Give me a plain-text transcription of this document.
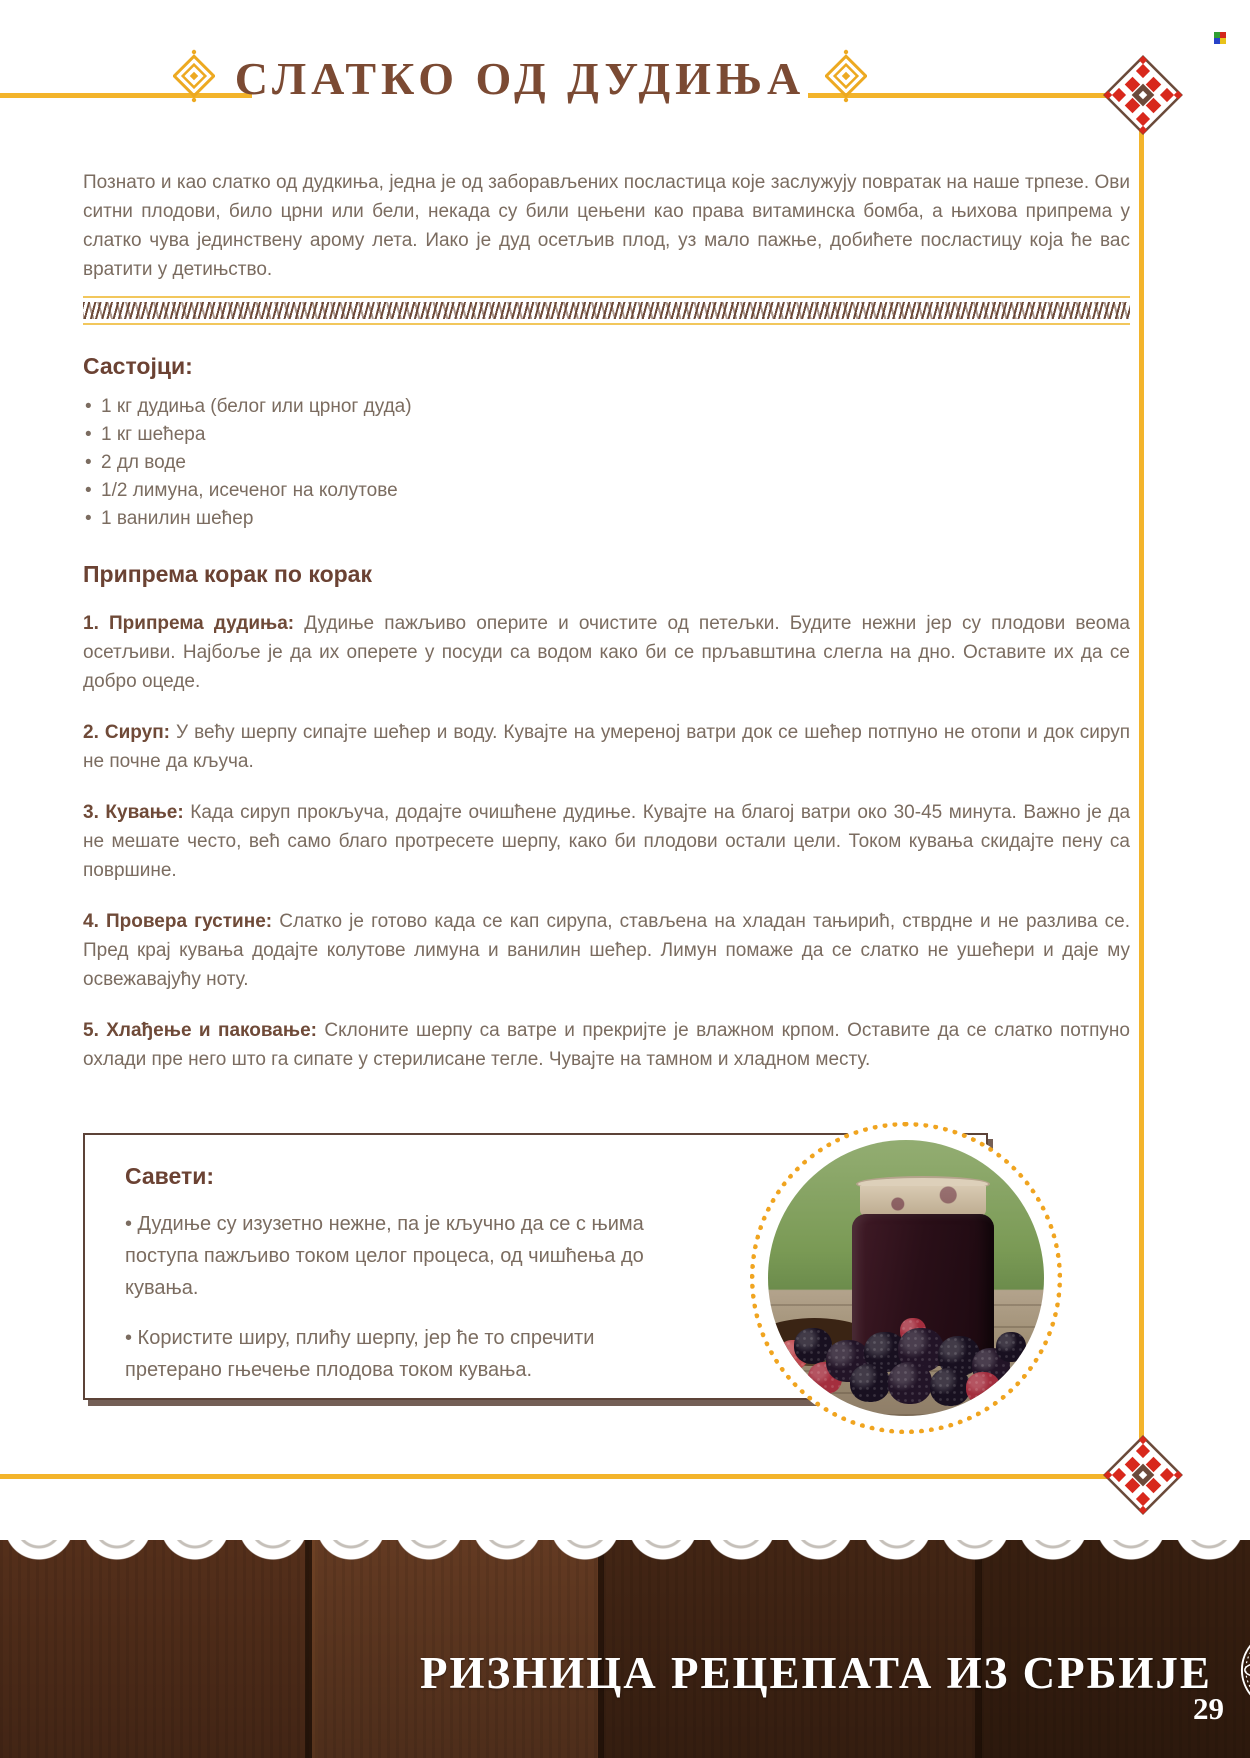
СЛАТКО ОД ДУДИЊА

Познато и као слатко од дудкиња, једна је од заборављених посластица које заслужују повратак на наше трпезе. Ови ситни плодови, било црни или бели, некада су били цењени као права витаминска бомба, а њихова припрема у слатко чува јединствену арому лета. Иако је дуд осетљив плод, уз мало пажње, добићете посластицу која ће вас вратити у детињство.

Састојци:
• 1 кг дудиња (белог или црног дуда)
• 1 кг шећера
• 2 дл воде
• 1/2 лимуна, исеченог на колутове
• 1 ванилин шећер
Припрема корак по корак

1. Припрема дудиња: Дудиње пажљиво оперите и очистите од петељки. Будите нежни јер су плодови веома осетљиви. Најбоље је да их оперете у посуди са водом како би се прљавштина слегла на дно. Оставите их да се добро оцеде.

2. Сируп: У већу шерпу сипајте шећер и воду. Кувајте на умереној ватри док се шећер потпуно не отопи и док сируп не почне да кључа.

3. Кување: Када сируп прокључа, додајте очишћене дудиње. Кувајте на благој ватри око 30-45 минута. Важно је да не мешате често, већ само благо протресете шерпу, како би плодови остали цели. Током кувања скидајте пену са површине.

4. Провера густине: Слатко је готово када се кап сирупа, стављена на хладан тањирић, стврдне и не разлива се. Пред крај кувања додајте колутове лимуна и ванилин шећер. Лимун помаже да се слатко не ушећери и даје му освежавајућу ноту.

5. Хлађење и паковање: Склоните шерпу са ватре и прекријте је влажном крпом. Оставите да се слатко потпуно охлади пре него што га сипате у стерилисане тегле. Чувајте на тамном и хладном месту.

Савети:

• Дудиње су изузетно нежне, па је кључно да се с њима поступа пажљиво током целог процеса, од чишћења до кувања.

• Користите ширу, плићу шерпу, јер ће то спречити претерано гњечење плодова током кувања.

РИЗНИЦА РЕЦЕПАТА ИЗ СРБИЈЕ
29
